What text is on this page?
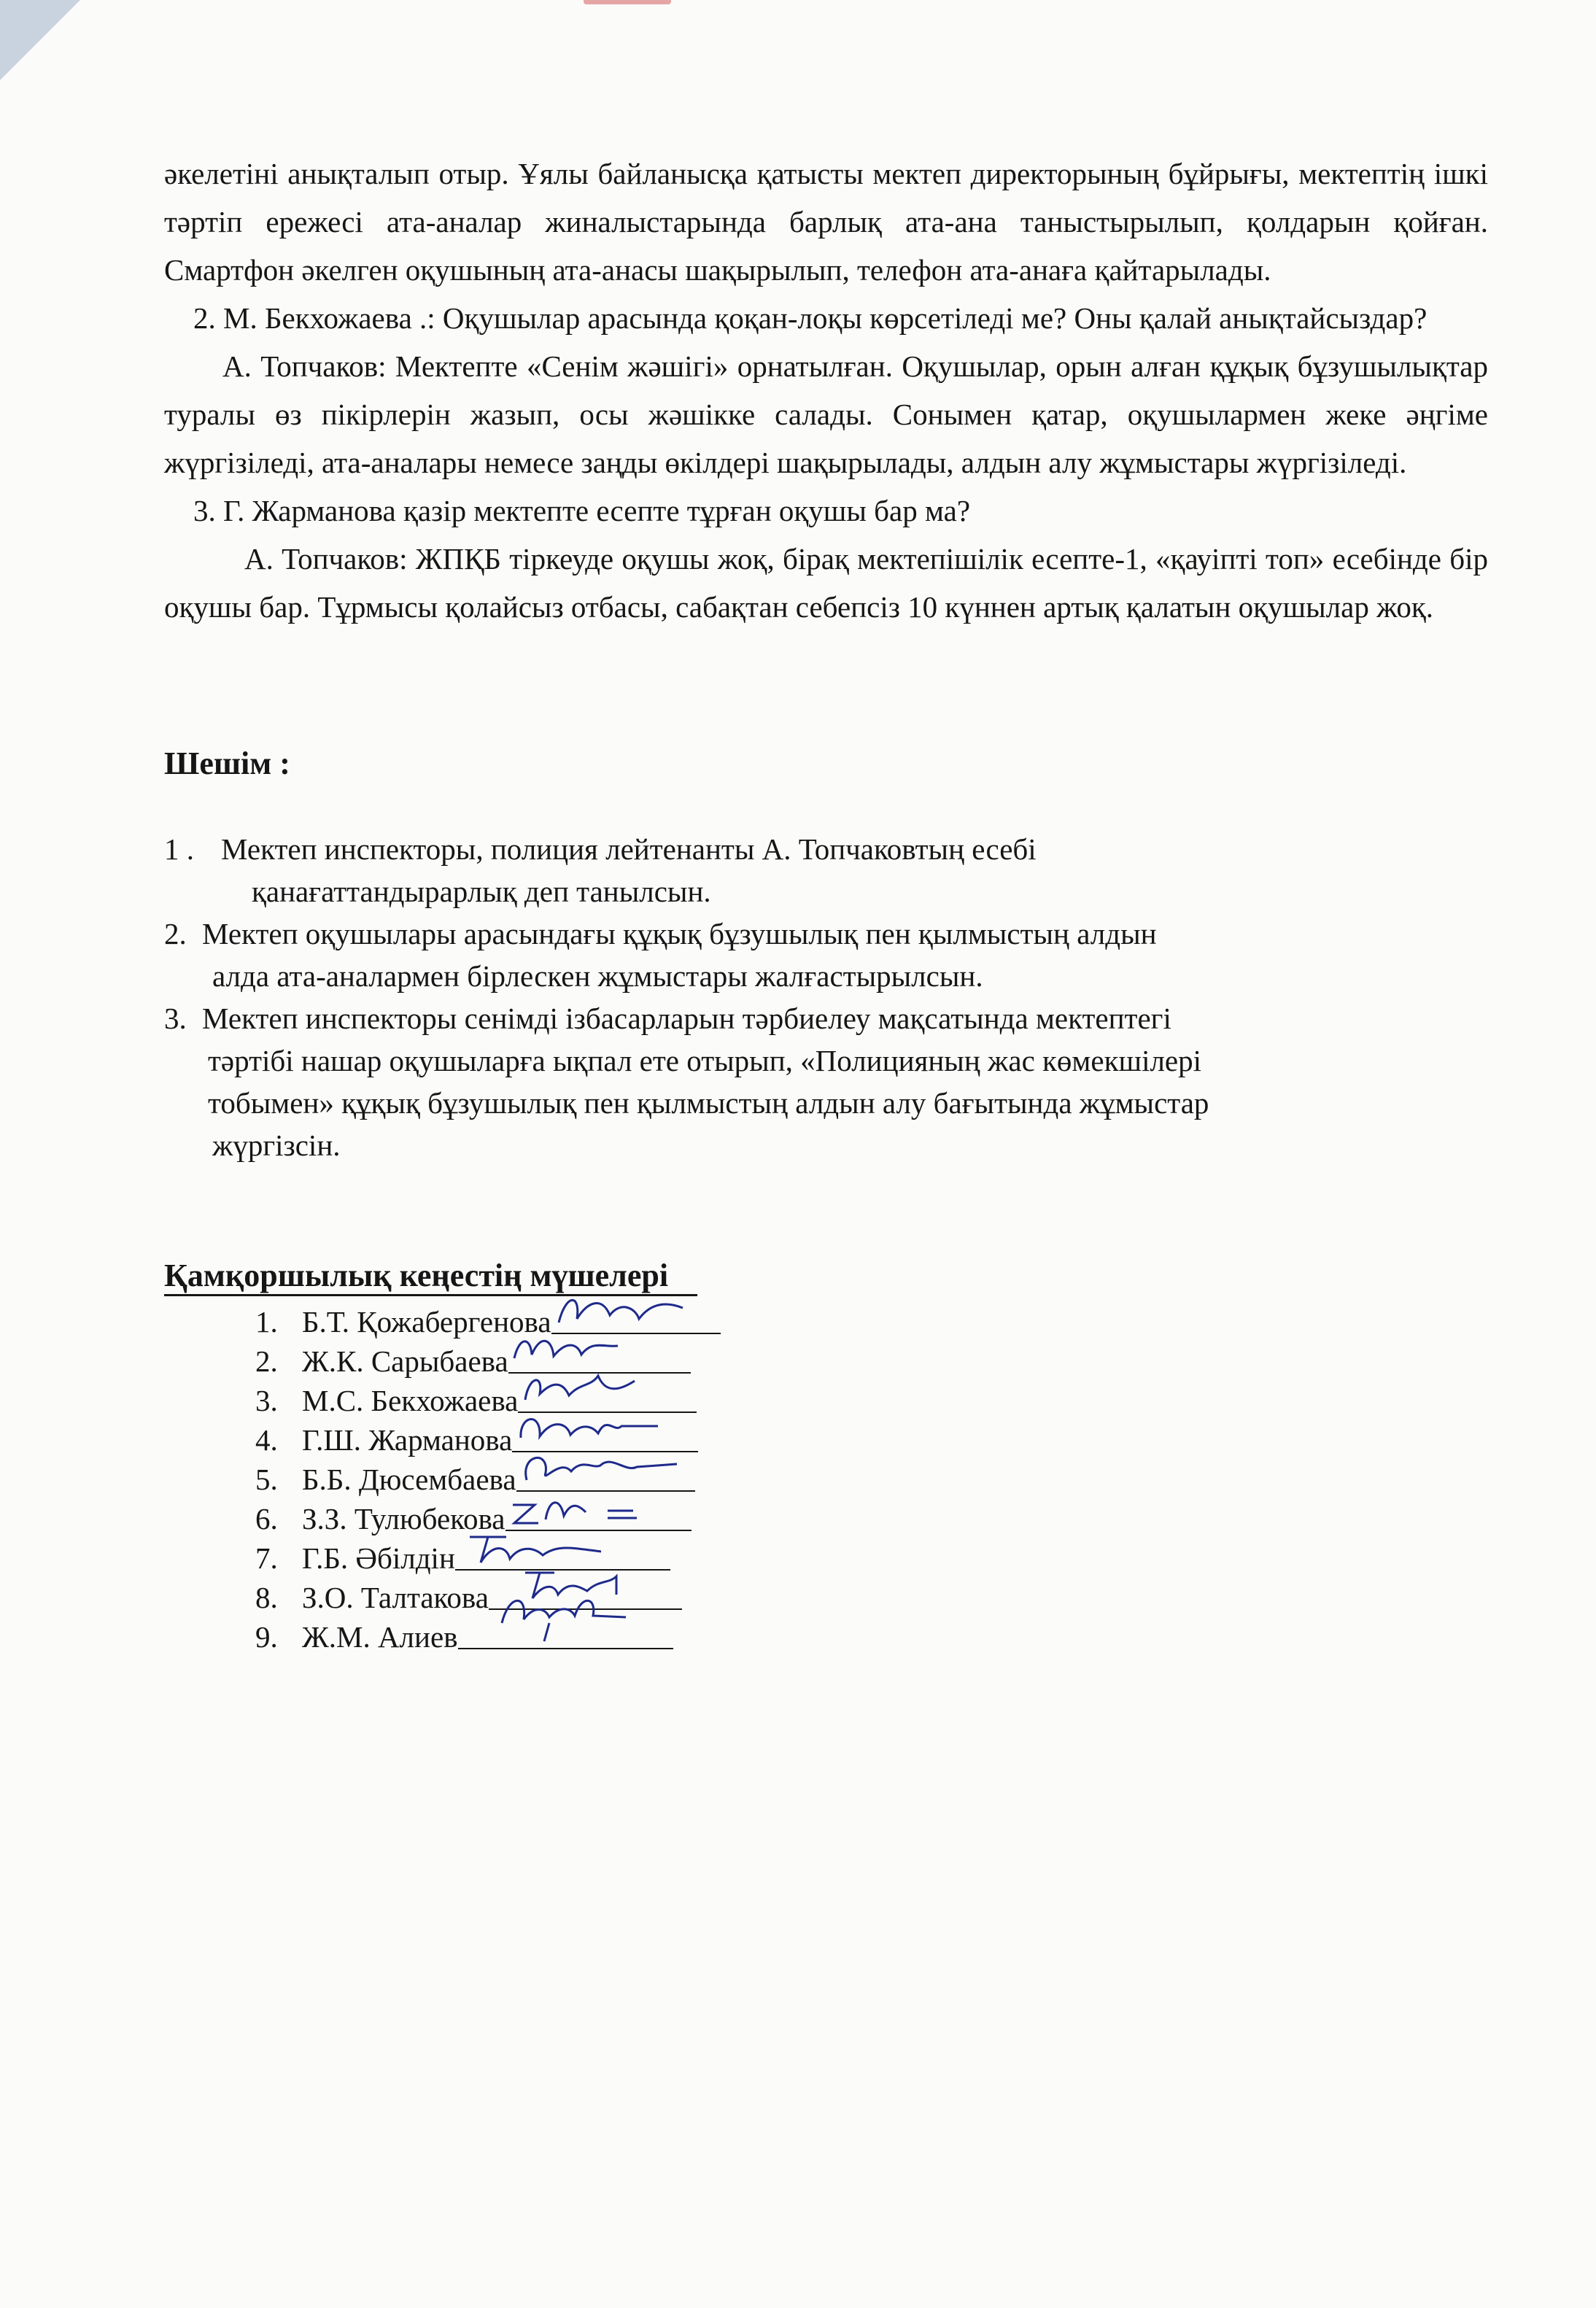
әкелетіні анықталып отыр. Ұялы байланысқа қатысты мектеп директорының бұйрығы, мектептің ішкі тәртіп ережесі ата-аналар жиналыстарында барлық ата-ана таныстырылып, қолдарын қойған. Смартфон әкелген оқушының ата-анасы шақырылып, телефон ата-анаға қайтарылады.

2. М. Бекхожаева .: Оқушылар арасында қоқан-лоқы көрсетіледі ме? Оны қалай анықтайсыздар?

А. Топчаков: Мектепте «Сенім жәшігі» орнатылған. Оқушылар, орын алған құқық бұзушылықтар туралы өз пікірлерін жазып, осы жәшікке салады. Сонымен қатар, оқушылармен жеке әңгіме жүргізіледі, ата-аналары немесе заңды өкілдері шақырылады, алдын алу жұмыстары жүргізіледі.

3. Г. Жарманова қазір мектепте есепте тұрған оқушы бар ма?

А. Топчаков: ЖПҚБ тіркеуде оқушы жоқ, бірақ мектепішілік есепте-1, «қауіпті топ» есебінде бір оқушы бар. Тұрмысы қолайсыз отбасы, сабақтан себепсіз 10 күннен артық қалатын оқушылар жоқ.

Шешім :
1 . Мектеп инспекторы, полиция лейтенанты А. Топчаковтың есебі
қанағаттандырарлық деп танылсын.
2. Мектеп оқушылары арасындағы құқық бұзушылық пен қылмыстың алдын
алда ата-аналармен бірлескен жұмыстары жалғастырылсын.
3. Мектеп инспекторы сенімді ізбасарларын тәрбиелеу мақсатында мектептегі
тәртібі нашар оқушыларға ықпал ете отырып, «Полицияның жас көмекшілері
тобымен» құқық бұзушылық пен қылмыстың алдын алу бағытында жұмыстар
жүргізсін.
Қамқоршылық кеңестің мүшелері
1. Б.Т. Қожабергенова
2. Ж.К. Сарыбаева
3. М.С. Бекхожаева
4. Г.Ш. Жарманова
5. Б.Б. Дюсембаева
6. З.З. Тулюбекова
7. Г.Б. Әбілдін
8. З.О. Талтакова
9. Ж.М. Алиев
